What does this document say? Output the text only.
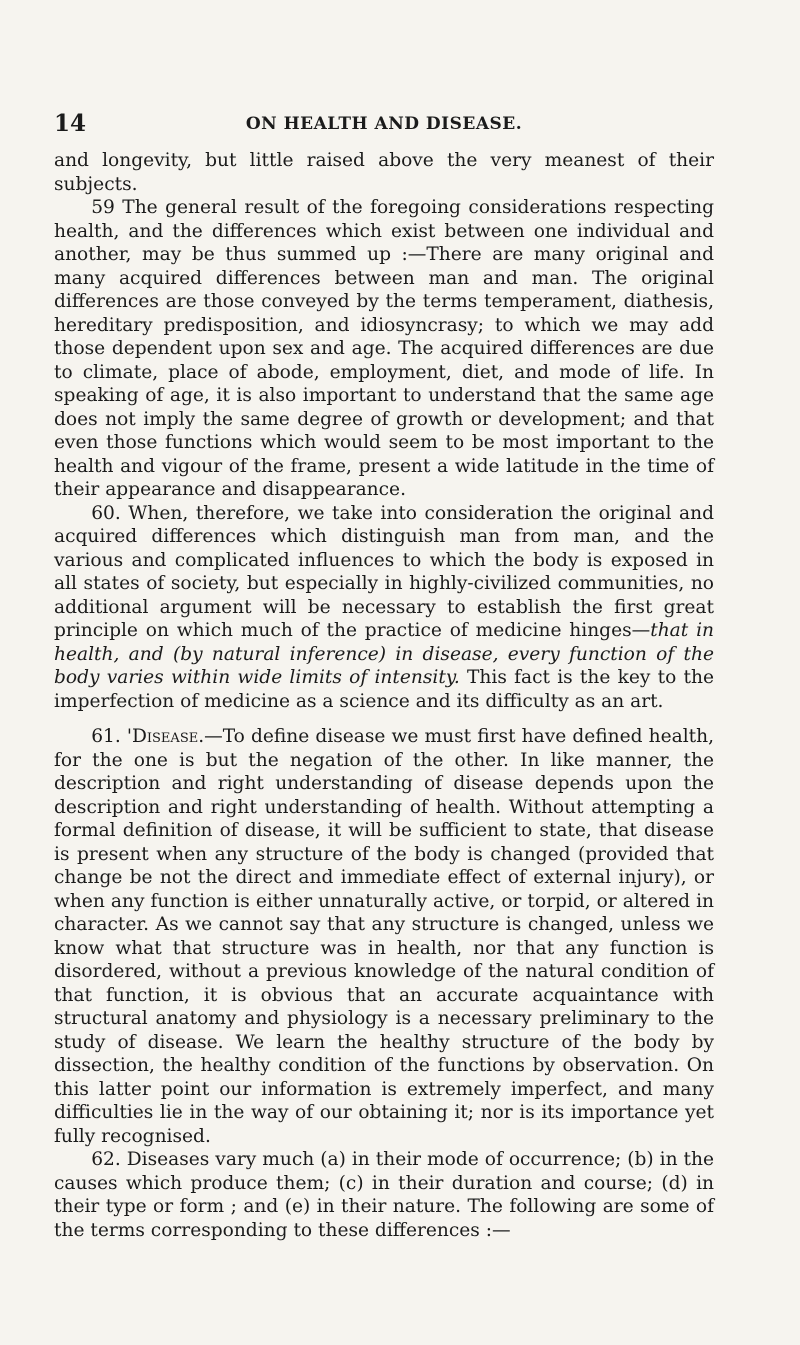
14	ON HEALTH AND DISEASE.

and longevity, but little raised above the very meanest of their subjects.

59 The general result of the foregoing considerations respecting health, and the differences which exist between one individual and another, may be thus summed up :—There are many original and many acquired differences between man and man. The original differences are those conveyed by the terms temperament, diathesis, hereditary predisposition, and idiosyncrasy; to which we may add those dependent upon sex and age. The acquired differences are due to climate, place of abode, employment, diet, and mode of life. In speaking of age, it is also important to understand that the same age does not imply the same degree of growth or development; and that even those functions which would seem to be most important to the health and vigour of the frame, present a wide latitude in the time of their appearance and disappearance.

60. When, therefore, we take into consideration the original and acquired differences which distinguish man from man, and the various and complicated influences to which the body is exposed in all states of society, but especially in highly-civilized communities, no additional argument will be necessary to establish the first great principle on which much of the practice of medicine hinges—that in health, and (by natural inference) in disease, every function of the body varies within wide limits of intensity. This fact is the key to the imperfection of medicine as a science and its difficulty as an art.

61. 'Disease.—To define disease we must first have defined health, for the one is but the negation of the other. In like manner, the description and right understanding of disease depends upon the description and right understanding of health. Without attempting a formal definition of disease, it will be sufficient to state, that disease is present when any structure of the body is changed (provided that change be not the direct and immediate effect of external injury), or when any function is either unnaturally active, or torpid, or altered in character. As we cannot say that any structure is changed, unless we know what that structure was in health, nor that any function is disordered, without a previous knowledge of the natural condition of that function, it is obvious that an accurate acquaintance with structural anatomy and physiology is a necessary preliminary to the study of disease. We learn the healthy structure of the body by dissection, the healthy condition of the functions by observation. On this latter point our information is extremely imperfect, and many difficulties lie in the way of our obtaining it; nor is its importance yet fully recognised.

62. Diseases vary much (a) in their mode of occurrence; (b) in the causes which produce them; (c) in their duration and course; (d) in their type or form ; and (e) in their nature. The following are some of the terms corresponding to these differences :—
